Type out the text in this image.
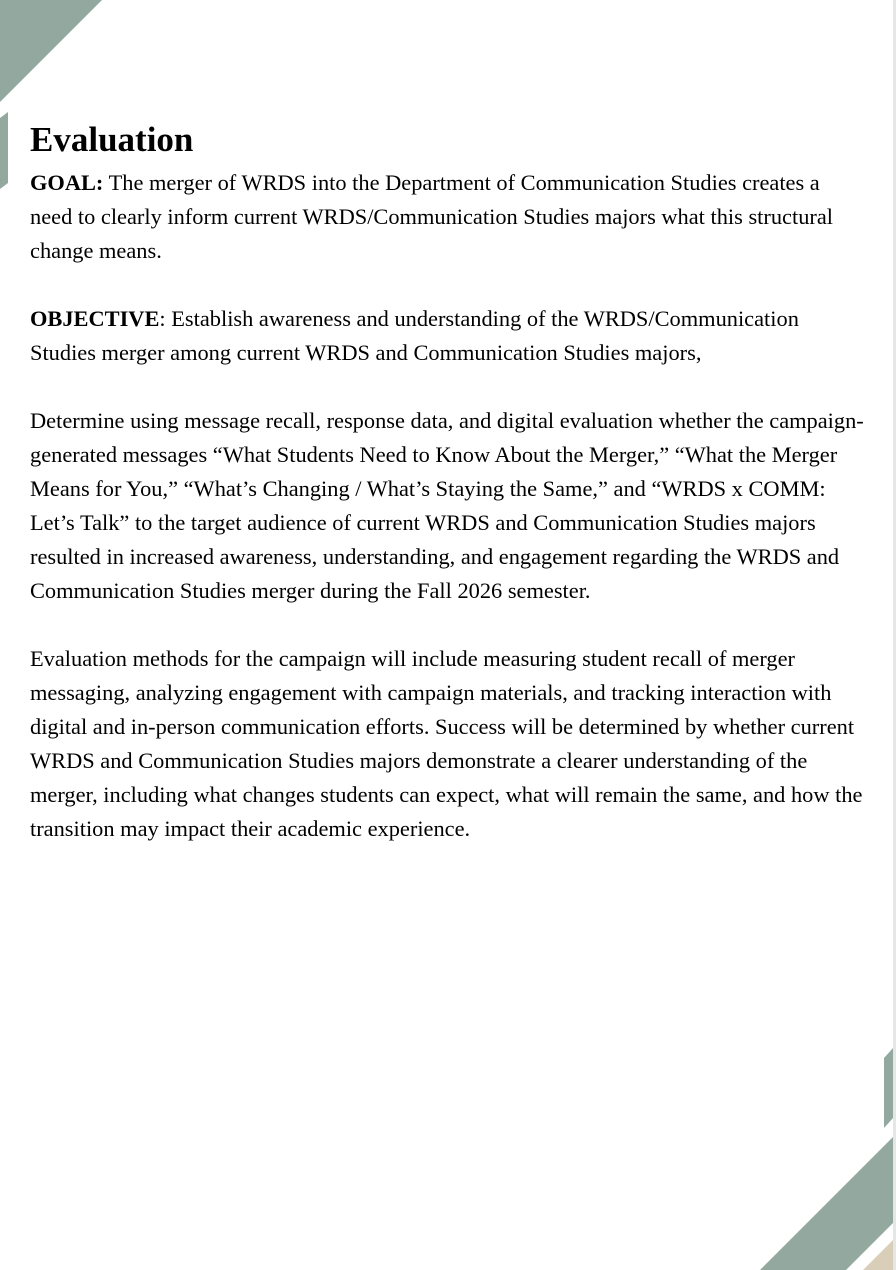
Evaluation

GOAL: The merger of WRDS into the Department of Communication Studies creates a need to clearly inform current WRDS/Communication Studies majors what this structural change means.

OBJECTIVE: Establish awareness and understanding of the WRDS/Communication Studies merger among current WRDS and Communication Studies majors,

Determine using message recall, response data, and digital evaluation whether the campaign-generated messages “What Students Need to Know About the Merger,” “What the Merger Means for You,” “What’s Changing / What’s Staying the Same,” and “WRDS x COMM: Let’s Talk” to the target audience of current WRDS and Communication Studies majors resulted in increased awareness, understanding, and engagement regarding the WRDS and Communication Studies merger during the Fall 2026 semester.

Evaluation methods for the campaign will include measuring student recall of merger messaging, analyzing engagement with campaign materials, and tracking interaction with digital and in-person communication efforts. Success will be determined by whether current WRDS and Communication Studies majors demonstrate a clearer understanding of the merger, including what changes students can expect, what will remain the same, and how the transition may impact their academic experience.
